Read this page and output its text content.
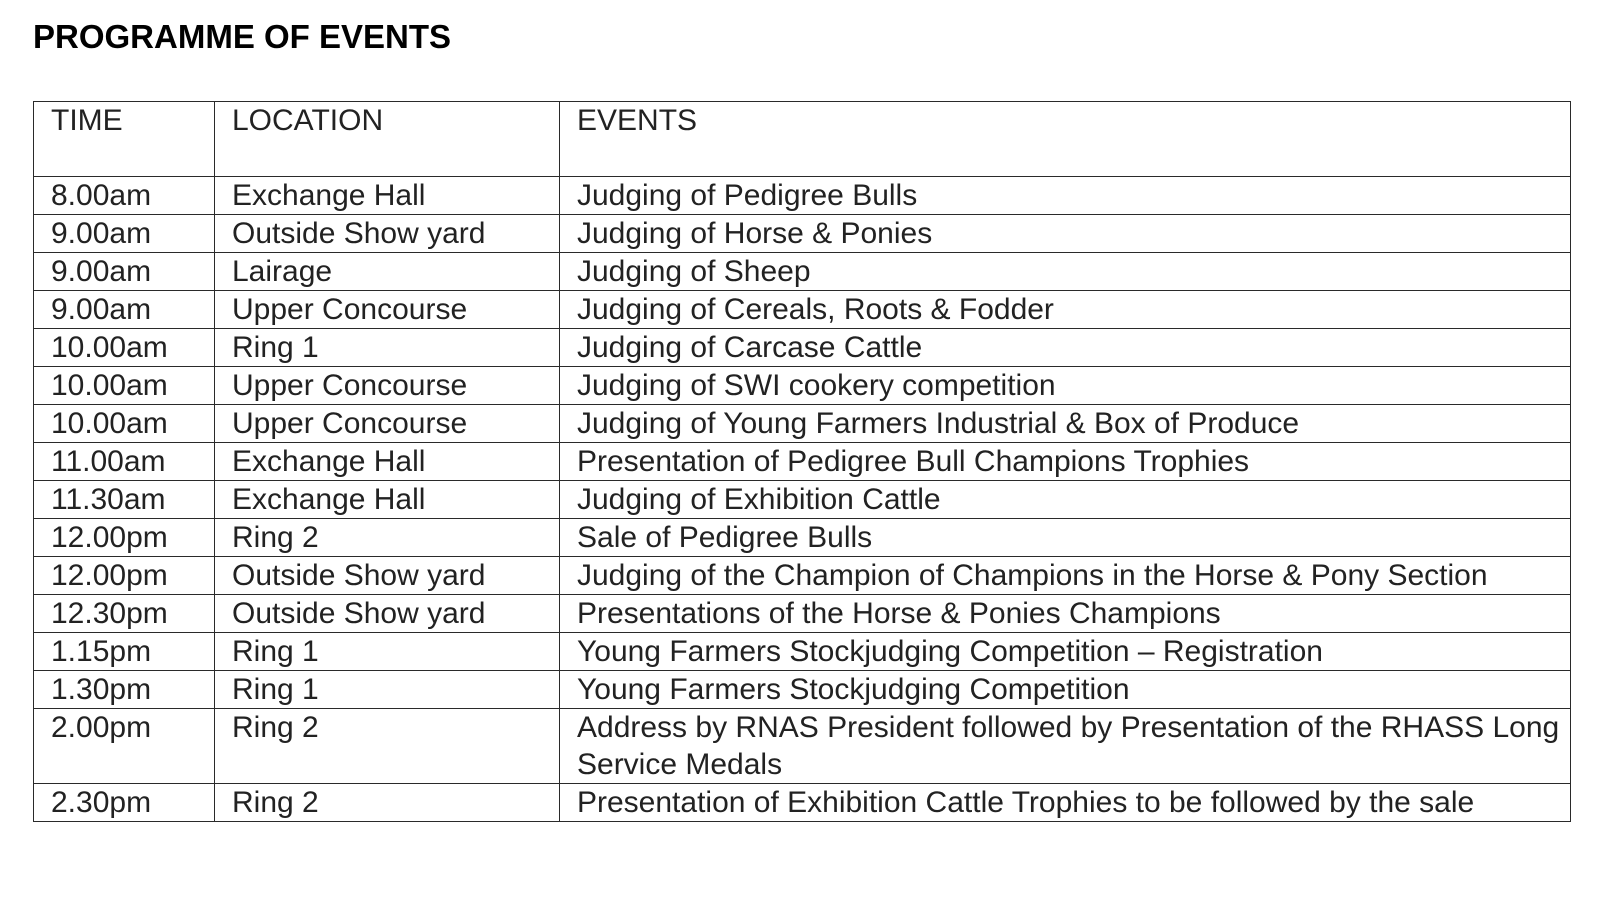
PROGRAMME OF EVENTS
TIME	LOCATION	EVENTS
8.00am	Exchange Hall	Judging of Pedigree Bulls
9.00am	Outside Show yard	Judging of Horse & Ponies
9.00am	Lairage	Judging of Sheep
9.00am	Upper Concourse	Judging of Cereals, Roots & Fodder
10.00am	Ring 1	Judging of Carcase Cattle
10.00am	Upper Concourse	Judging of SWI cookery competition
10.00am	Upper Concourse	Judging of Young Farmers Industrial & Box of Produce
11.00am	Exchange Hall	Presentation of Pedigree Bull Champions Trophies
11.30am	Exchange Hall	Judging of Exhibition Cattle
12.00pm	Ring 2	Sale of Pedigree Bulls
12.00pm	Outside Show yard	Judging of the Champion of Champions in the Horse & Pony Section
12.30pm	Outside Show yard	Presentations of the Horse & Ponies Champions
1.15pm	Ring 1	Young Farmers Stockjudging Competition – Registration
1.30pm	Ring 1	Young Farmers Stockjudging Competition
2.00pm	Ring 2	Address by RNAS President followed by Presentation of the RHASS Long Service Medals
2.30pm	Ring 2	Presentation of Exhibition Cattle Trophies to be followed by the sale
